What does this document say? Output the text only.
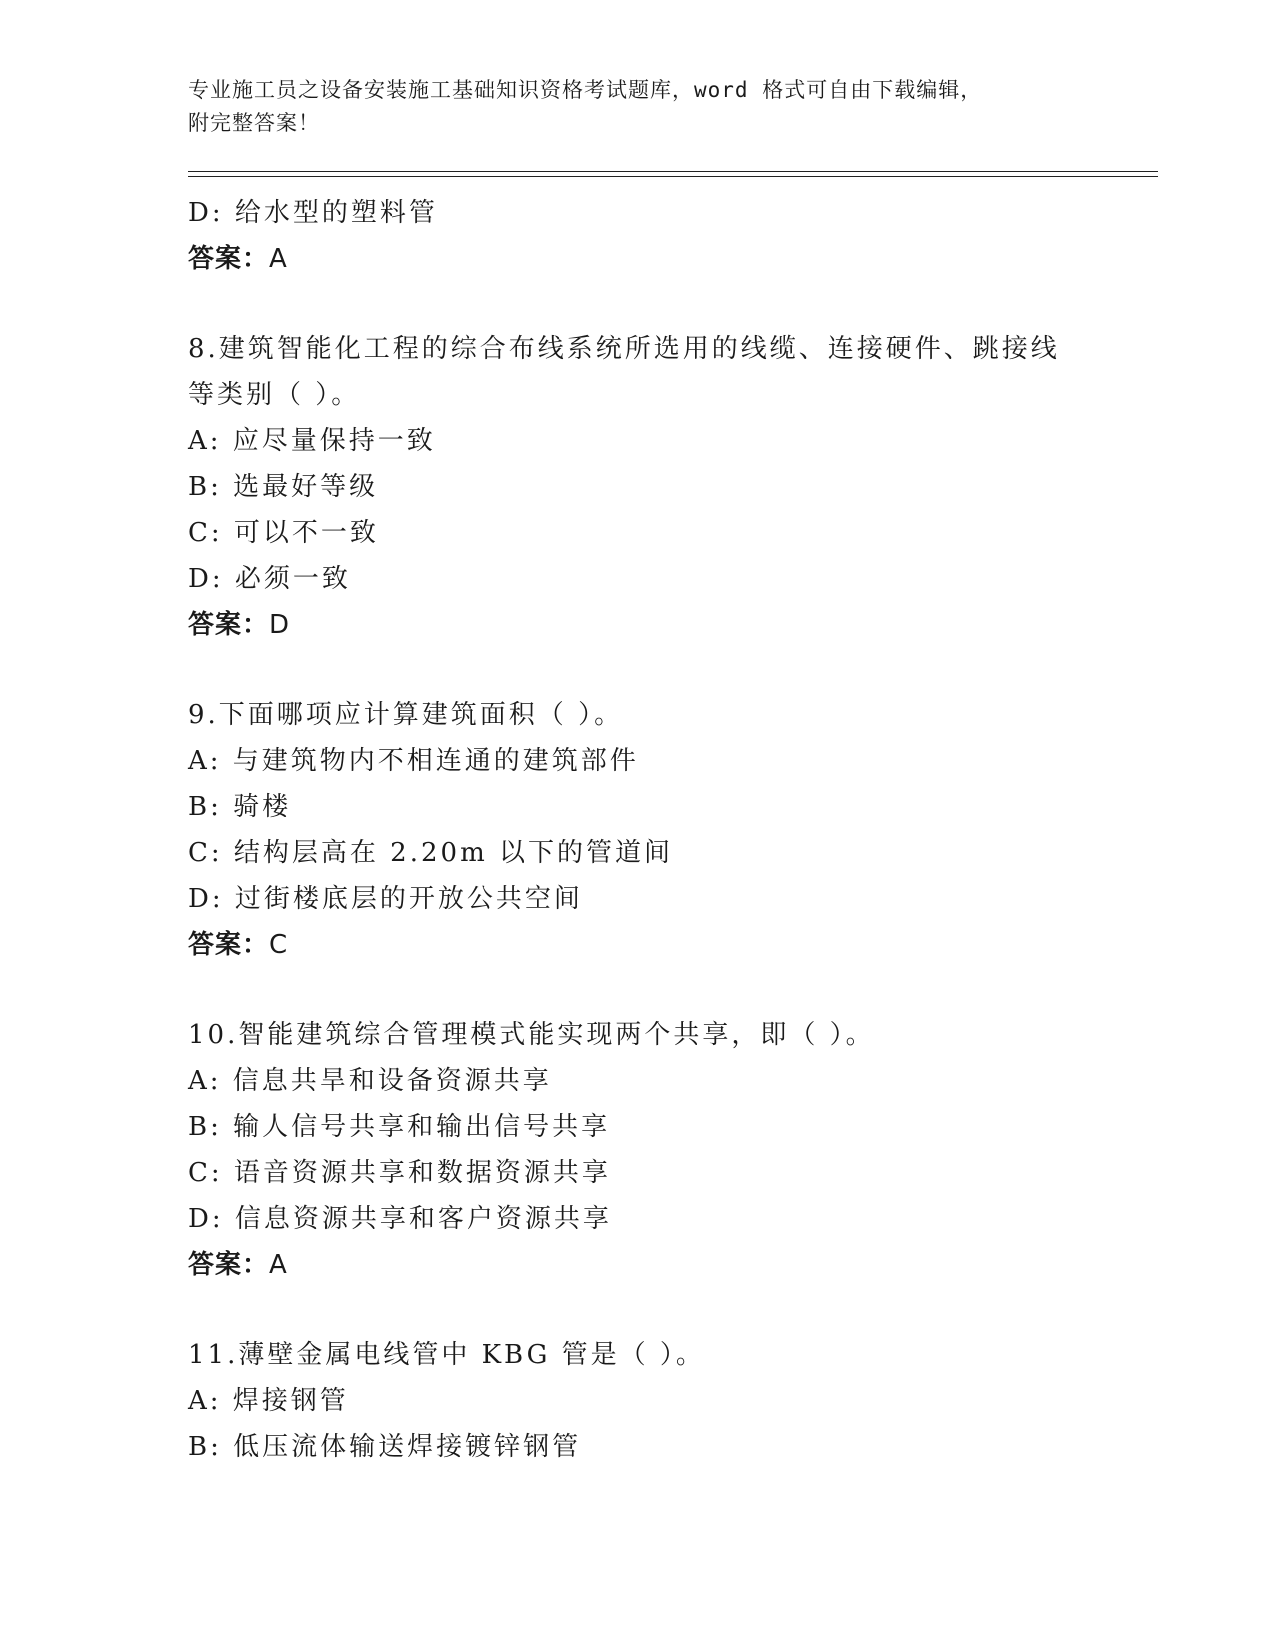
专业施工员之设备安装施工基础知识资格考试题库，word 格式可自由下载编辑，
附完整答案！
D: 给水型的塑料管
答案：A
8.建筑智能化工程的综合布线系统所选用的线缆、连接硬件、跳接线
等类别（ ）。
A: 应尽量保持一致
B: 选最好等级
C: 可以不一致
D: 必须一致
答案：D
9.下面哪项应计算建筑面积（ ）。
A: 与建筑物内不相连通的建筑部件
B: 骑楼
C: 结构层高在 2.20m 以下的管道间
D: 过街楼底层的开放公共空间
答案：C
10.智能建筑综合管理模式能实现两个共享，即（ ）。
A: 信息共旱和设备资源共享
B: 输人信号共享和输出信号共享
C: 语音资源共享和数据资源共享
D: 信息资源共享和客户资源共享
答案：A
11.薄壁金属电线管中 KBG 管是（ ）。
A: 焊接钢管
B: 低压流体输送焊接镀锌钢管
